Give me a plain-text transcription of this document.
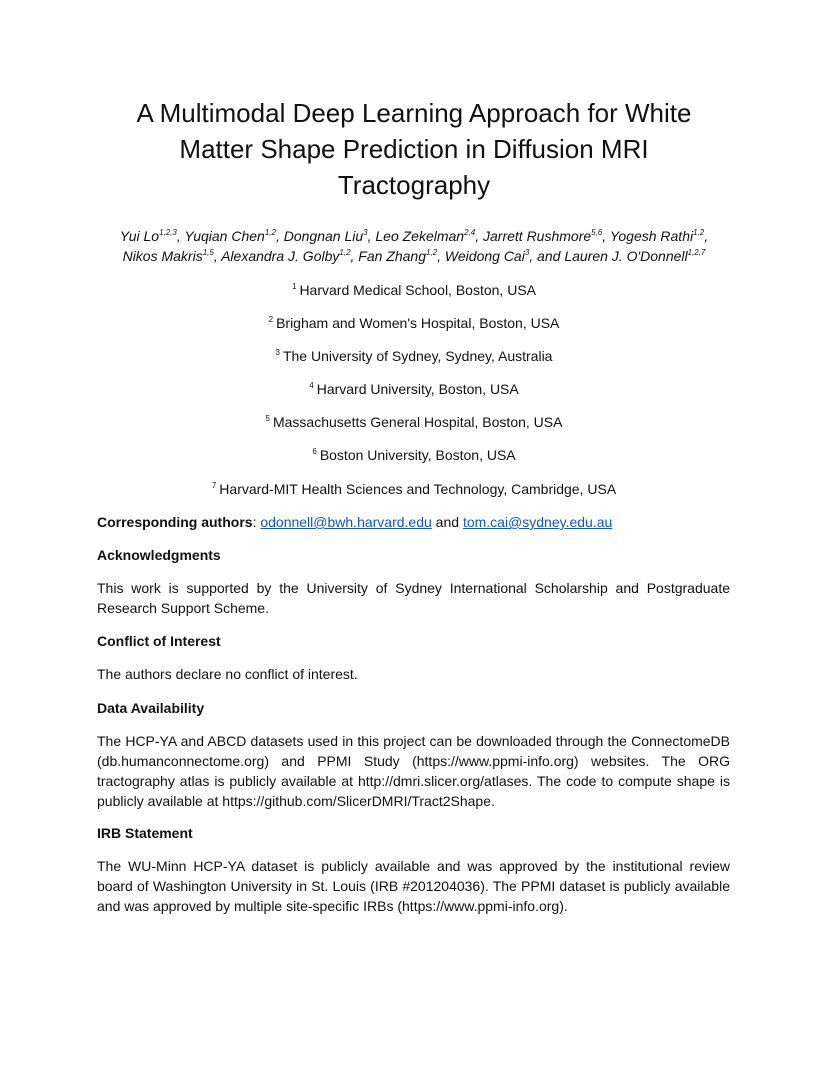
A Multimodal Deep Learning Approach for White
Matter Shape Prediction in Diffusion MRI
Tractography
Yui Lo$^{1,2,3}$, Yuqian Chen$^{1,2}$, Dongnan Liu$^3$, Leo Zekelman$^{2,4}$, Jarrett Rushmore$^{5,6}$, Yogesh Rathi$^{1,2}$,
Nikos Makris$^{1,5}$, Alexandra J. Golby$^{1,2}$, Fan Zhang$^{1,2}$, Weidong Cai$^3$, and Lauren J. O'Donnell$^{1,2,7}$
$^1$ Harvard Medical School, Boston, USA
$^2$ Brigham and Women's Hospital, Boston, USA
$^3$ The University of Sydney, Sydney, Australia
$^4$ Harvard University, Boston, USA
$^5$ Massachusetts General Hospital, Boston, USA
$^6$ Boston University, Boston, USA
$^7$ Harvard-MIT Health Sciences and Technology, Cambridge, USA
Corresponding authors: odonnell@bwh.harvard.edu and tom.cai@sydney.edu.au
Acknowledgments
This work is supported by the University of Sydney International Scholarship and Postgraduate Research Support Scheme.
Conflict of Interest
The authors declare no conflict of interest.
Data Availability
The HCP-YA and ABCD datasets used in this project can be downloaded through the ConnectomeDB (db.humanconnectome.org) and PPMI Study (https://www.ppmi-info.org) websites. The ORG tractography atlas is publicly available at http://dmri.slicer.org/atlases. The code to compute shape is publicly available at https://github.com/SlicerDMRI/Tract2Shape.
IRB Statement
The WU-Minn HCP-YA dataset is publicly available and was approved by the institutional review board of Washington University in St. Louis (IRB #201204036). The PPMI dataset is publicly available and was approved by multiple site-specific IRBs (https://www.ppmi-info.org).
